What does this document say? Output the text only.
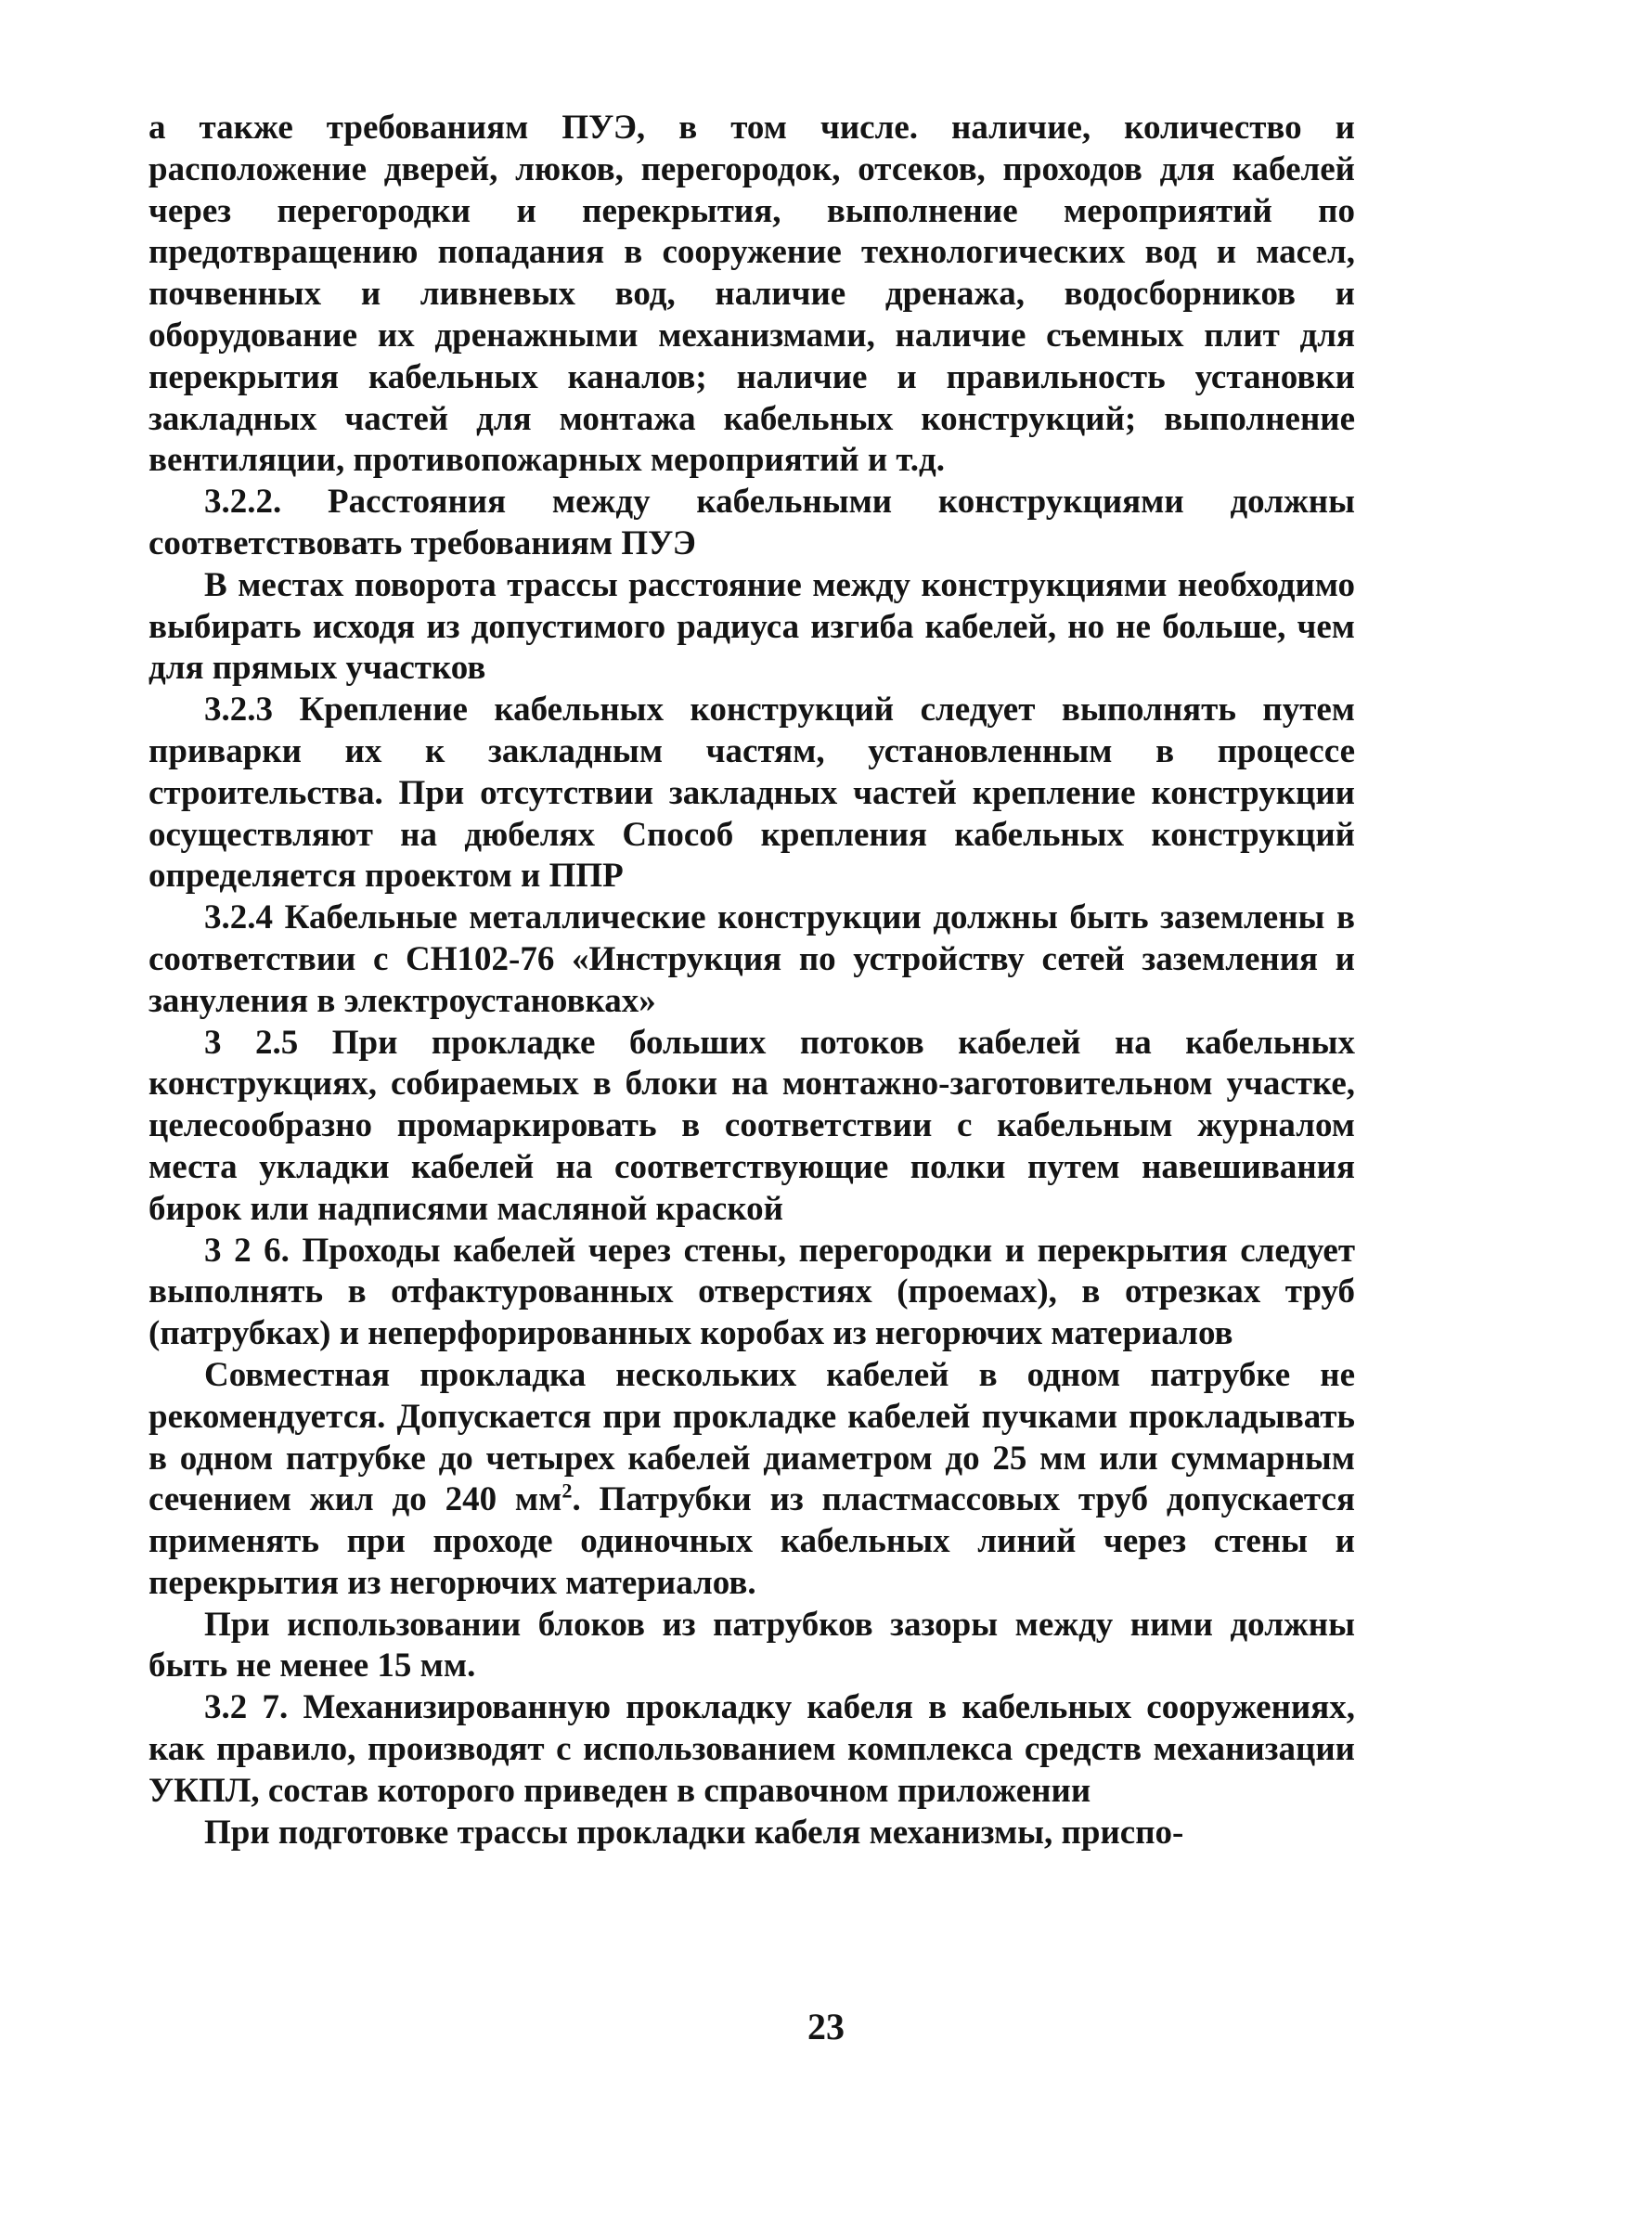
а также требованиям ПУЭ, в том числе. наличие, количество и расположение дверей, люков, перегородок, отсеков, проходов для кабелей через перегородки и перекрытия, выполнение мероприятий по предотвращению попадания в сооружение технологических вод и масел, почвенных и ливневых вод, наличие дренажа, водосборников и оборудование их дренажными механизмами, наличие съемных плит для перекрытия кабельных каналов; наличие и правильность установки закладных частей для монтажа кабельных конструкций; выполнение вентиляции, противопожарных мероприятий и т.д.

3.2.2. Расстояния между кабельными конструкциями должны соответствовать требованиям ПУЭ

В местах поворота трассы расстояние между конструкциями необходимо выбирать исходя из допустимого радиуса изгиба кабелей, но не больше, чем для прямых участков

3.2.3 Крепление кабельных конструкций следует выполнять путем приварки их к закладным частям, установленным в процессе строительства. При отсутствии закладных частей крепление конструкции осуществляют на дюбелях Способ крепления кабельных конструкций определяется проектом и ППР

3.2.4 Кабельные металлические конструкции должны быть заземлены в соответствии с СН102-76 «Инструкция по устройству сетей заземления и зануления в электроустановках»

3 2.5 При прокладке больших потоков кабелей на кабельных конструкциях, собираемых в блоки на монтажно-заготовительном участке, целесообразно промаркировать в соответствии с кабельным журналом места укладки кабелей на соответствующие полки путем навешивания бирок или надписями масляной краской

3 2 6. Проходы кабелей через стены, перегородки и перекрытия следует выполнять в отфактурованных отверстиях (проемах), в отрезках труб (патрубках) и неперфорированных коробах из негорючих материалов

Совместная прокладка нескольких кабелей в одном патрубке не рекомендуется. Допускается при прокладке кабелей пучками прокладывать в одном патрубке до четырех кабелей диаметром до 25 мм или суммарным сечением жил до 240 $мм^2$. Патрубки из пластмассовых труб допускается применять при проходе одиночных кабельных линий через стены и перекрытия из негорючих материалов.

При использовании блоков из патрубков зазоры между ними должны быть не менее 15 мм.

3.2 7. Механизированную прокладку кабеля в кабельных сооружениях, как правило, производят с использованием комплекса средств механизации УКПЛ, состав которого приведен в справочном приложении

При подготовке трассы прокладки кабеля механизмы, приспо-

23
